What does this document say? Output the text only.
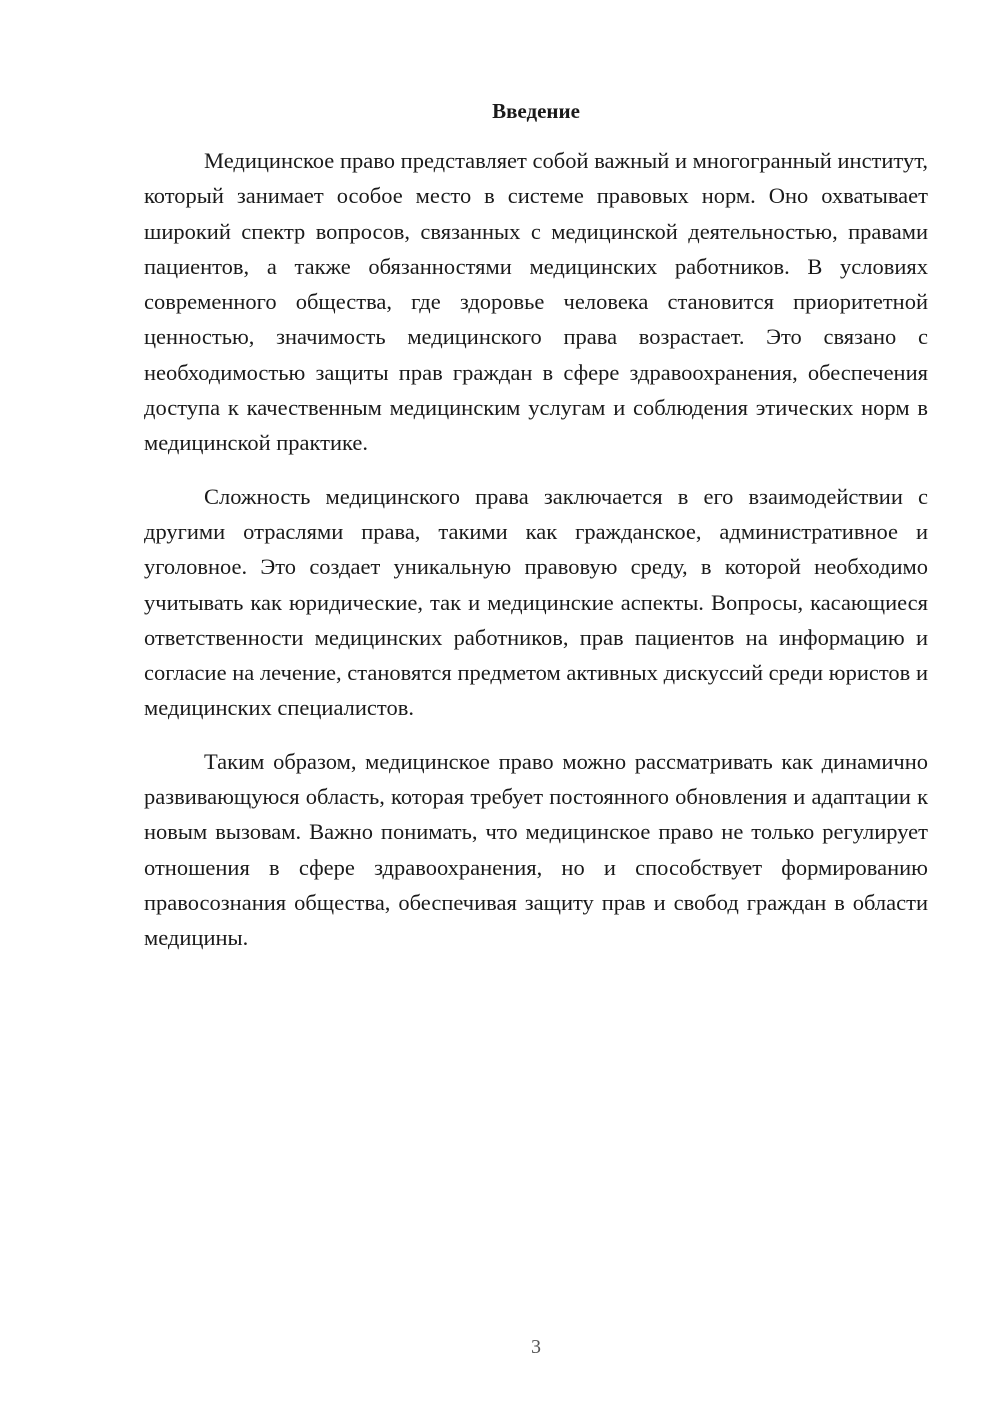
Введение

Медицинское право представляет собой важный и многогранный институт, который занимает особое место в системе правовых норм. Оно охватывает широкий спектр вопросов, связанных с медицинской деятельностью, правами пациентов, а также обязанностями медицинских работников. В условиях современного общества, где здоровье человека становится приоритетной ценностью, значимость медицинского права возрастает. Это связано с необходимостью защиты прав граждан в сфере здравоохранения, обеспечения доступа к качественным медицинским услугам и соблюдения этических норм в медицинской практике.

Сложность медицинского права заключается в его взаимодействии с другими отраслями права, такими как гражданское, административное и уголовное. Это создает уникальную правовую среду, в которой необходимо учитывать как юридические, так и медицинские аспекты. Вопросы, касающиеся ответственности медицинских работников, прав пациентов на информацию и согласие на лечение, становятся предметом активных дискуссий среди юристов и медицинских специалистов.

Таким образом, медицинское право можно рассматривать как динамично развивающуюся область, которая требует постоянного обновления и адаптации к новым вызовам. Важно понимать, что медицинское право не только регулирует отношения в сфере здравоохранения, но и способствует формированию правосознания общества, обеспечивая защиту прав и свобод граждан в области медицины.

3
